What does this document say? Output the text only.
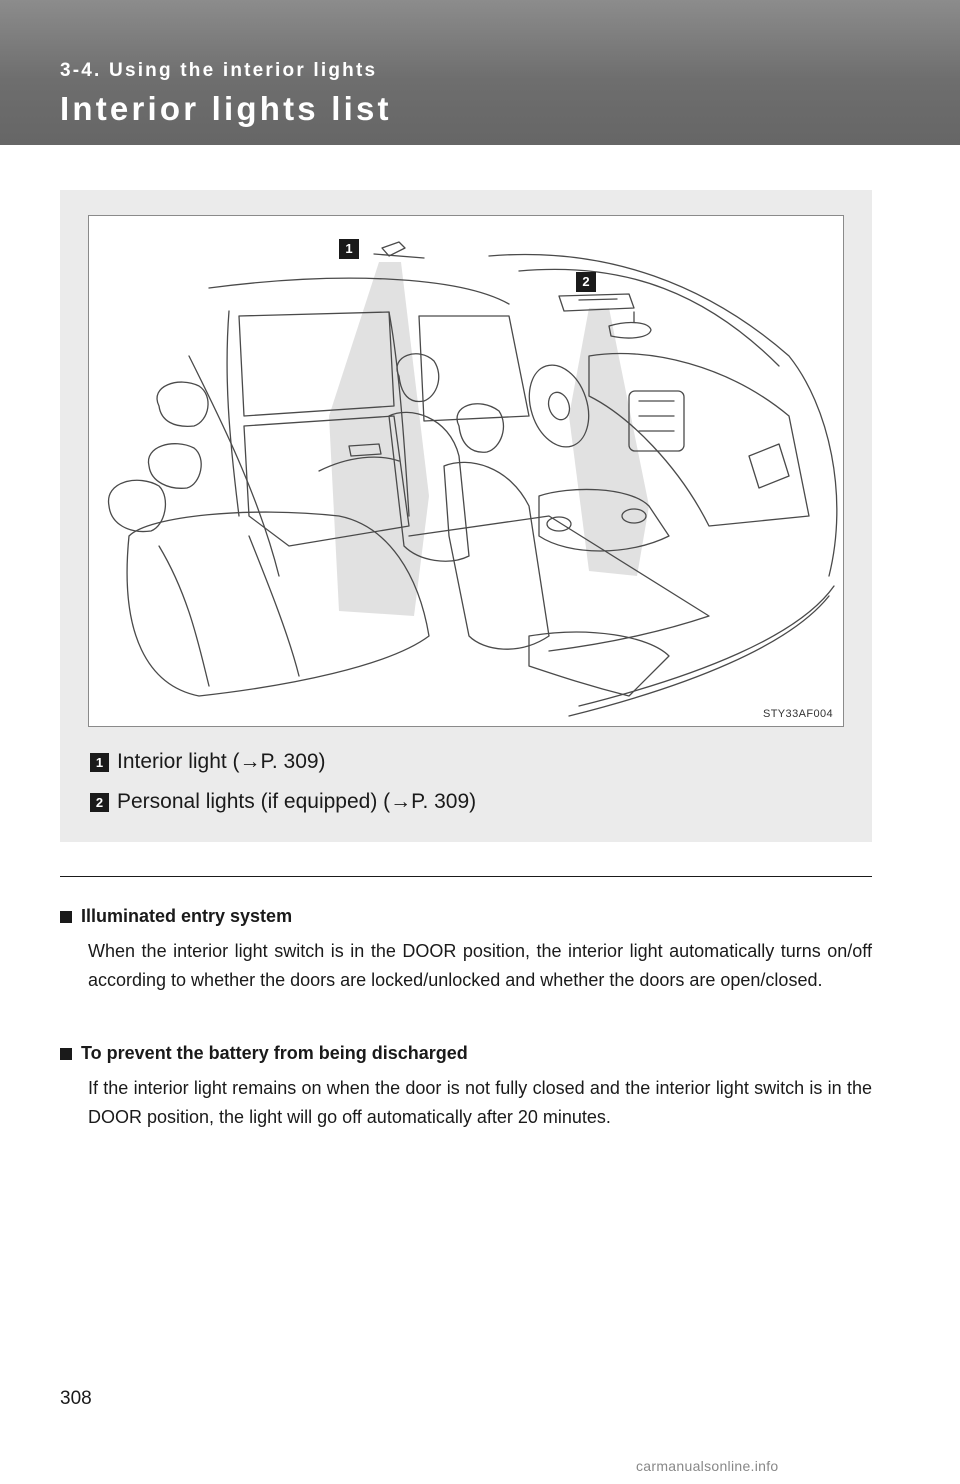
3-4. Using the interior lights
Interior lights list
1
2
STY33AF004
1 Interior light (→P. 309)
2 Personal lights (if equipped) (→P. 309)
Illuminated entry system
When the interior light switch is in the DOOR position, the interior light automatically turns on/off according to whether the doors are locked/unlocked and whether the doors are open/closed.
To prevent the battery from being discharged
If the interior light remains on when the door is not fully closed and the interior light switch is in the DOOR position, the light will go off automatically after 20 minutes.
308
carmanualsonline.info
